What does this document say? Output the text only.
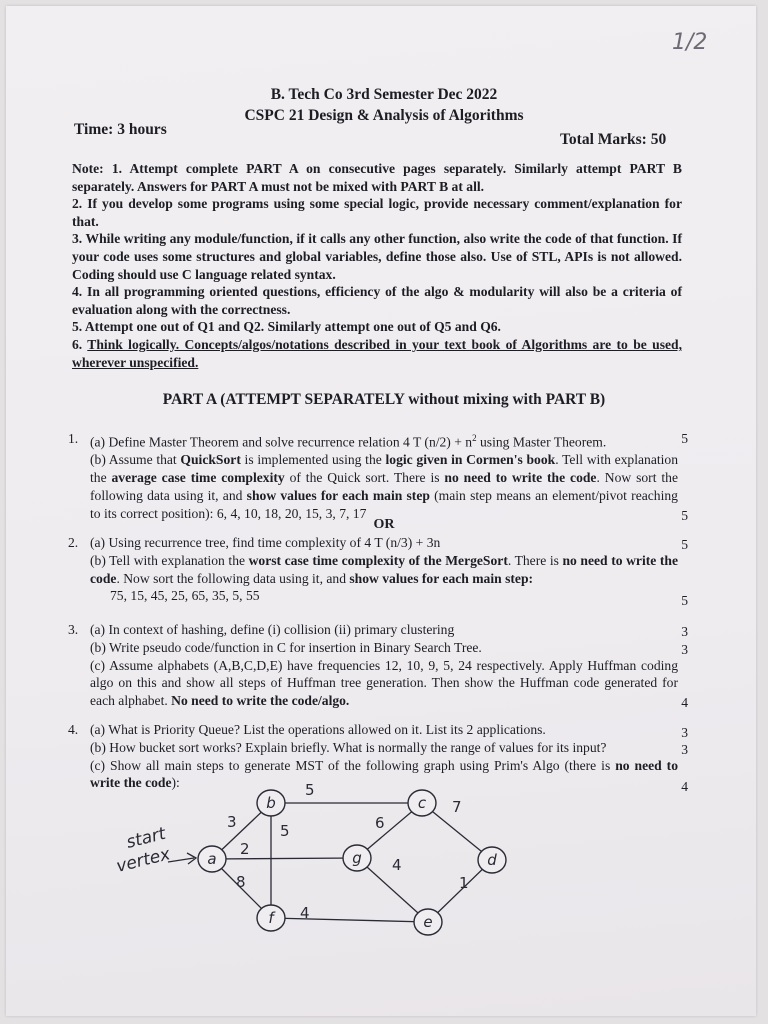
1/2
B. Tech Co 3rd Semester Dec 2022
CSPC 21 Design & Analysis of Algorithms
Time: 3 hours
Total Marks: 50

Note: 1. Attempt complete PART A on consecutive pages separately. Similarly attempt PART B separately. Answers for PART A must not be mixed with PART B at all.

2. If you develop some programs using some special logic, provide necessary comment/explanation for that.

3. While writing any module/function, if it calls any other function, also write the code of that function. If your code uses some structures and global variables, define those also. Use of STL, APIs is not allowed. Coding should use C language related syntax.

4. In all programming oriented questions, efficiency of the algo & modularity will also be a criteria of evaluation along with the correctness.

5. Attempt one out of Q1 and Q2. Similarly attempt one out of Q5 and Q6.

6. Think logically. Concepts/algos/notations described in your text book of Algorithms are to be used, wherever unspecified.

PART A (ATTEMPT SEPARATELY without mixing with PART B)
1. (a) Define Master Theorem and solve recurrence relation 4 T $(n/2) + n^2$ using Master Theorem.	5
(b) Assume that QuickSort is implemented using the logic given in Cormen's book. Tell with explanation the average case time complexity of the Quick sort. There is no need to write the code. Now sort the following data using it, and show values for each main step (main step means an element/pivot reaching to its correct position): 6, 4, 10, 18, 20, 15, 3, 7, 17	5
OR
2. (a) Using recurrence tree, find time complexity of 4 T (n/3) + 3n	5
(b) Tell with explanation the worst case time complexity of the MergeSort. There is no need to write the code. Now sort the following data using it, and show values for each main step:
75, 15, 45, 25, 65, 35, 5, 55	5
3. (a) In context of hashing, define (i) collision (ii) primary clustering	3
(b) Write pseudo code/function in C for insertion in Binary Search Tree.	3
(c) Assume alphabets (A,B,C,D,E) have frequencies 12, 10, 9, 5, 24 respectively. Apply Huffman coding algo on this and show all steps of Huffman tree generation. Then show the Huffman code generated for each alphabet. No need to write the code/algo.	4
4. (a) What is Priority Queue? List the operations allowed on it. List its 2 applications.	3
(b) How bucket sort works? Explain briefly. What is normally the range of values for its input?	3
(c) Show all main steps to generate MST of the following graph using Prim's Algo (there is no need to write the code):	4
a
b	c
d
e
f
g
3
5
7
2
8
5	6
4
4
1
start
vertex
